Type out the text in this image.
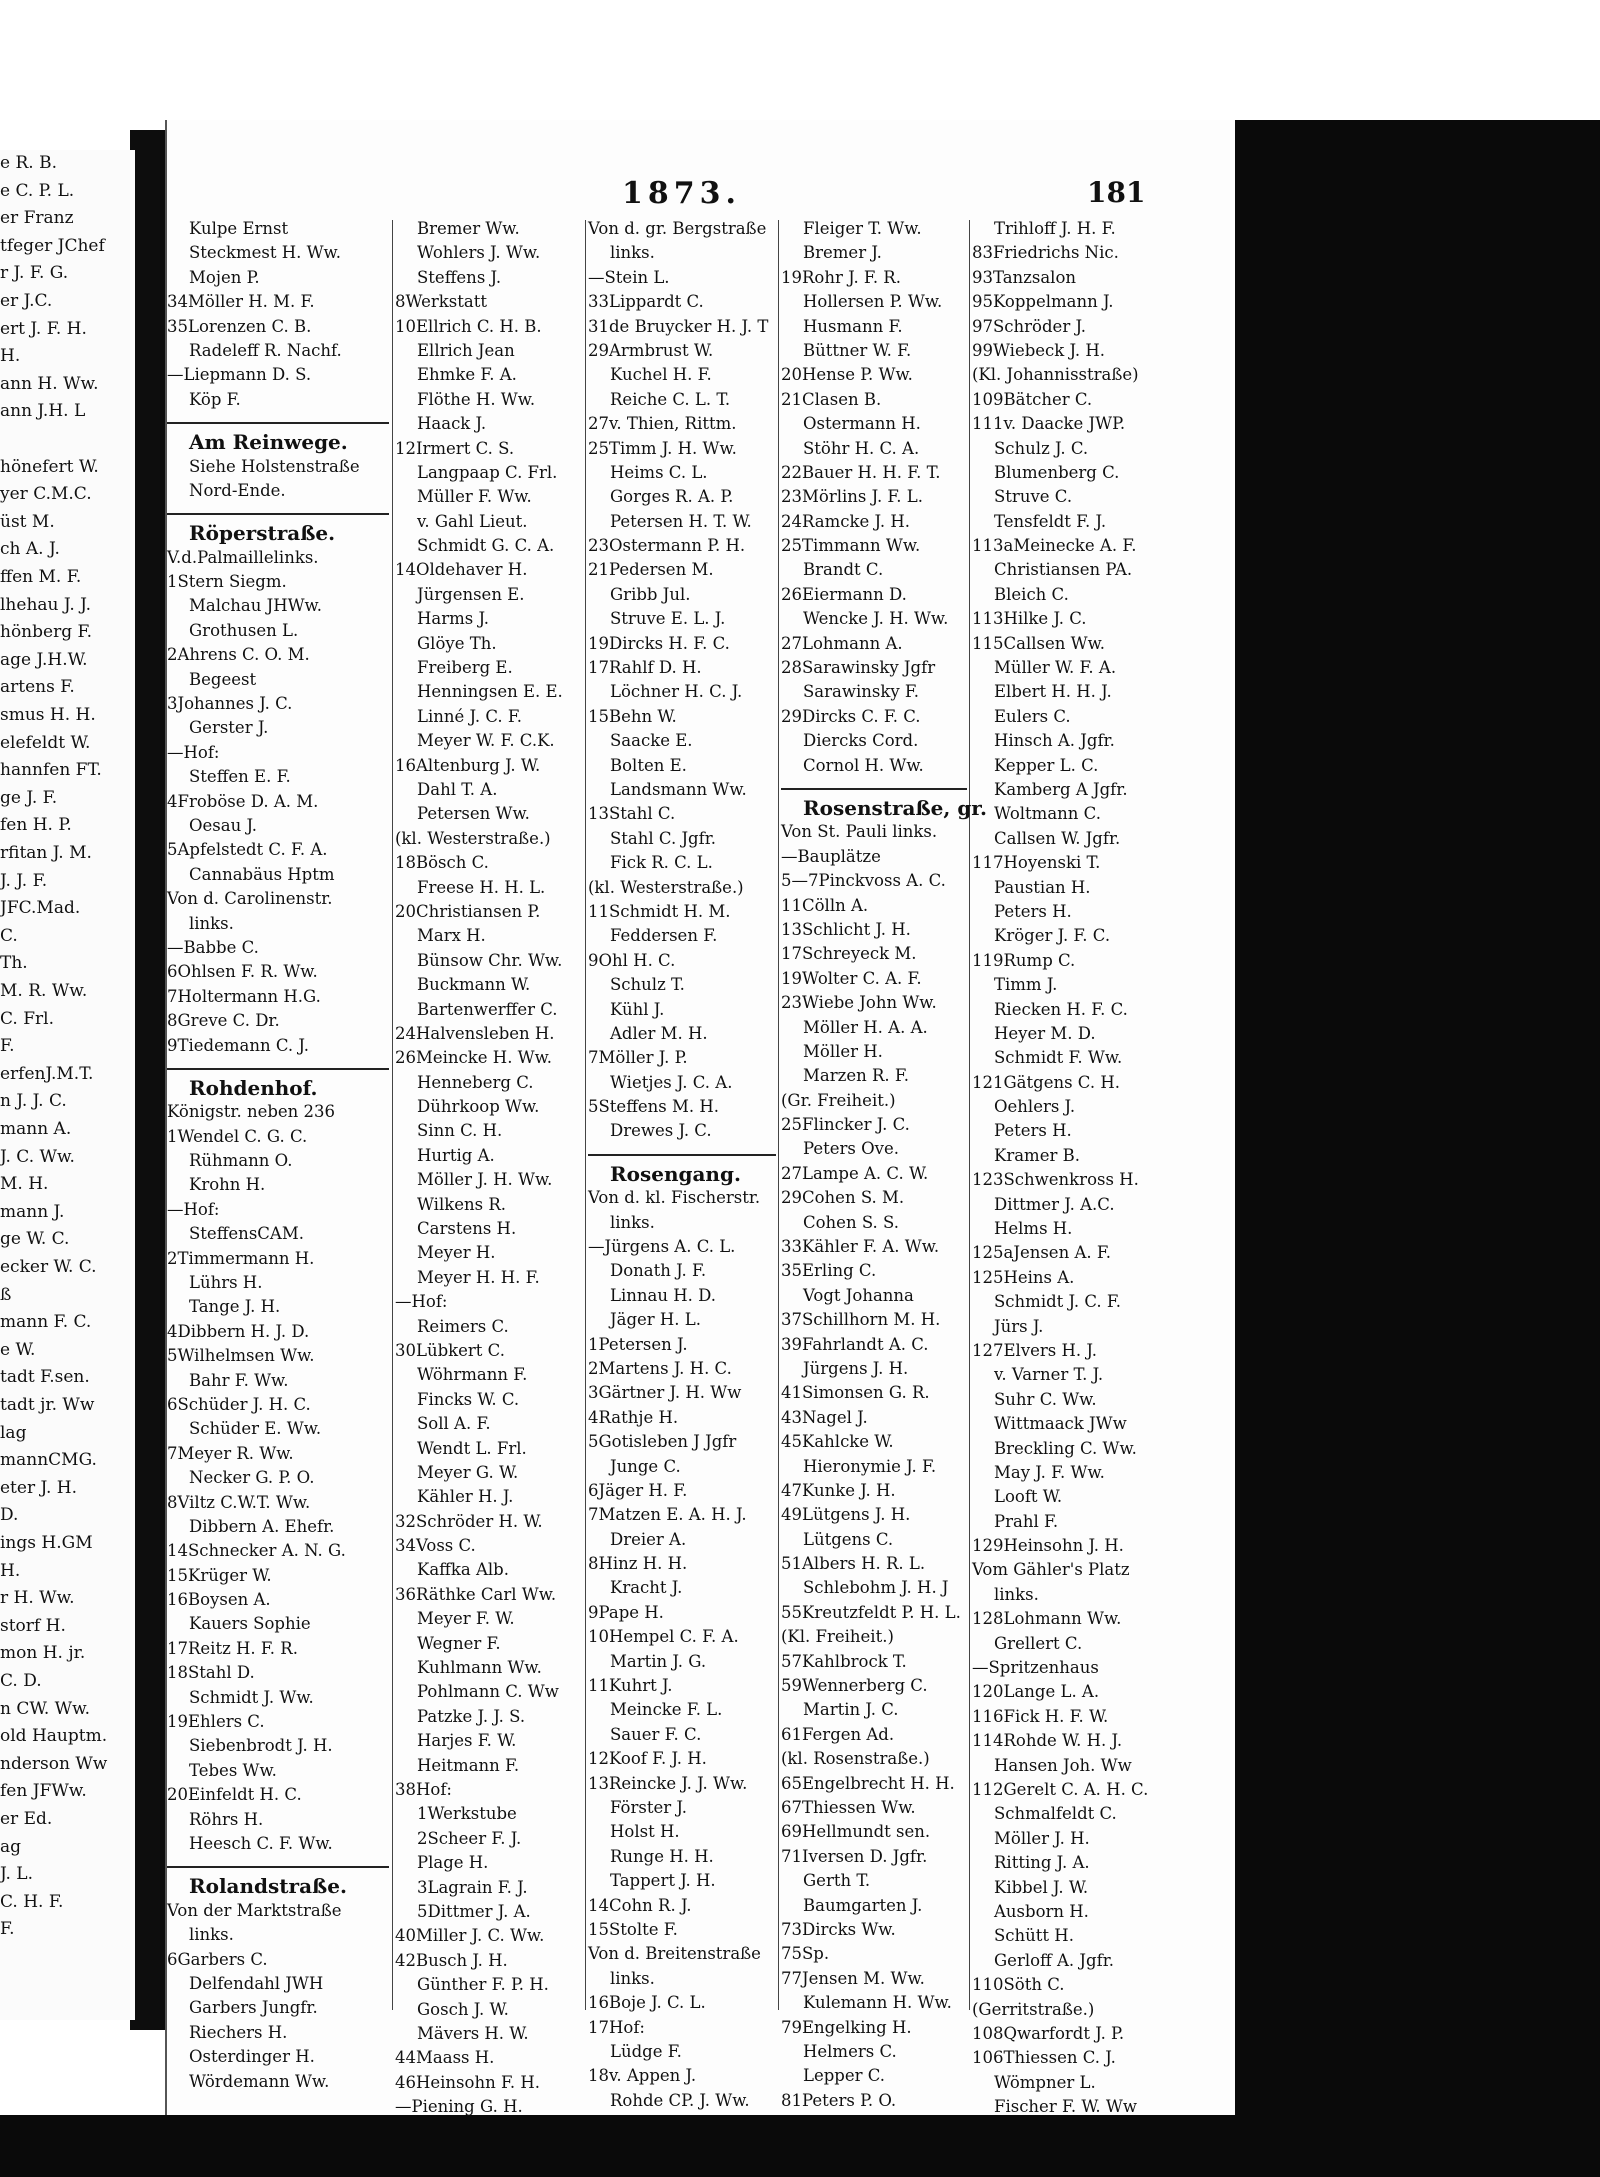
e R. B.
e C. P. L.
er Franz
tfeger JChef
r J. F. G.
er J.C.
ert J. F. H.
H.
ann H. Ww.
ann J.H. L
hönefert W.
yer C.M.C.
üst M.
ch A. J.
ffen M. F.
lhehau J. J.
hönberg F.
age J.H.W.
artens F.
smus H. H.
elefeldt W.
hannfen FT.
ge J. F.
fen H. P.
rfitan J. M.
J. J. F.
JFC.Mad.
C.
Th.
M. R. Ww.
C. Frl.
F.
erfenJ.M.T.
n J. J. C.
mann A.
J. C. Ww.
M. H.
mann J.
ge W. C.
ecker W. C.
ß
mann F. C.
e W.
tadt F.sen.
tadt jr. Ww
lag
mannCMG.
eter J. H.
D.
ings H.GM
H.
r H. Ww.
storf H.
mon H. jr.
C. D.
n CW. Ww.
old Hauptm.
nderson Ww
fen JFWw.
er Ed.
ag
J. L.
C. H. F.
F.
1873.	181
Kulpe Ernst
Steckmest H. Ww.
Mojen P.
34Möller H. M. F.
35Lorenzen C. B.
Radeleff R. Nachf.
—Liepmann D. S.
Köp F.
Am Reinwege.
Siehe Holstenstraße
Nord-Ende.
Röperstraße.
V.d.Palmaillelinks.
1Stern Siegm.
Malchau JHWw.
Grothusen L.
2Ahrens C. O. M.
Begeest
3Johannes J. C.
Gerster J.
—Hof:
Steffen E. F.
4Froböse D. A. M.
Oesau J.
5Apfelstedt C. F. A.
Cannabäus Hptm
Von d. Carolinenstr.
links.
—Babbe C.
6Ohlsen F. R. Ww.
7Holtermann H.G.
8Greve C. Dr.
9Tiedemann C. J.
Rohdenhof.
Königstr. neben 236
1Wendel C. G. C.
Rühmann O.
Krohn H.
—Hof:
SteffensCAM.
2Timmermann H.
Lührs H.
Tange J. H.
4Dibbern H. J. D.
5Wilhelmsen Ww.
Bahr F. Ww.
6Schüder J. H. C.
Schüder E. Ww.
7Meyer R. Ww.
Necker G. P. O.
8Viltz C.W.T. Ww.
Dibbern A. Ehefr.
14Schnecker A. N. G.
15Krüger W.
16Boysen A.
Kauers Sophie
17Reitz H. F. R.
18Stahl D.
Schmidt J. Ww.
19Ehlers C.
Siebenbrodt J. H.
Tebes Ww.
20Einfeldt H. C.
Röhrs H.
Heesch C. F. Ww.
Rolandstraße.
Von der Marktstraße
links.
6Garbers C.
Delfendahl JWH
Garbers Jungfr.
Riechers H.
Osterdinger H.
Wördemann Ww.
Bremer Ww.
Wohlers J. Ww.
Steffens J.
8Werkstatt
10Ellrich C. H. B.
Ellrich Jean
Ehmke F. A.
Flöthe H. Ww.
Haack J.
12Irmert C. S.
Langpaap C. Frl.
Müller F. Ww.
v. Gahl Lieut.
Schmidt G. C. A.
14Oldehaver H.
Jürgensen E.
Harms J.
Glöye Th.
Freiberg E.
Henningsen E. E.
Linné J. C. F.
Meyer W. F. C.K.
16Altenburg J. W.
Dahl T. A.
Petersen Ww.
(kl. Westerstraße.)
18Bösch C.
Freese H. H. L.
20Christiansen P.
Marx H.
Bünsow Chr. Ww.
Buckmann W.
Bartenwerffer C.
24Halvensleben H.
26Meincke H. Ww.
Henneberg C.
Dührkoop Ww.
Sinn C. H.
Hurtig A.
Möller J. H. Ww.
Wilkens R.
Carstens H.
Meyer H.
Meyer H. H. F.
—Hof:
Reimers C.
30Lübkert C.
Wöhrmann F.
Fincks W. C.
Soll A. F.
Wendt L. Frl.
Meyer G. W.
Kähler H. J.
32Schröder H. W.
34Voss C.
Kaffka Alb.
36Räthke Carl Ww.
Meyer F. W.
Wegner F.
Kuhlmann Ww.
Pohlmann C. Ww
Patzke J. J. S.
Harjes F. W.
Heitmann F.
38Hof:
1Werkstube
2Scheer F. J.
Plage H.
3Lagrain F. J.
5Dittmer J. A.
40Miller J. C. Ww.
42Busch J. H.
Günther F. P. H.
Gosch J. W.
Mävers H. W.
44Maass H.
46Heinsohn F. H.
—Piening G. H.
Von d. gr. Bergstraße
links.
—Stein L.
33Lippardt C.
31de Bruycker H. J. T
29Armbrust W.
Kuchel H. F.
Reiche C. L. T.
27v. Thien, Rittm.
25Timm J. H. Ww.
Heims C. L.
Gorges R. A. P.
Petersen H. T. W.
23Ostermann P. H.
21Pedersen M.
Gribb Jul.
Struve E. L. J.
19Dircks H. F. C.
17Rahlf D. H.
Löchner H. C. J.
15Behn W.
Saacke E.
Bolten E.
Landsmann Ww.
13Stahl C.
Stahl C. Jgfr.
Fick R. C. L.
(kl. Westerstraße.)
11Schmidt H. M.
Feddersen F.
9Ohl H. C.
Schulz T.
Kühl J.
Adler M. H.
7Möller J. P.
Wietjes J. C. A.
5Steffens M. H.
Drewes J. C.
Rosengang.
Von d. kl. Fischerstr.
links.
—Jürgens A. C. L.
Donath J. F.
Linnau H. D.
Jäger H. L.
1Petersen J.
2Martens J. H. C.
3Gärtner J. H. Ww
4Rathje H.
5Gotisleben J Jgfr
Junge C.
6Jäger H. F.
7Matzen E. A. H. J.
Dreier A.
8Hinz H. H.
Kracht J.
9Pape H.
10Hempel C. F. A.
Martin J. G.
11Kuhrt J.
Meincke F. L.
Sauer F. C.
12Koof F. J. H.
13Reincke J. J. Ww.
Förster J.
Holst H.
Runge H. H.
Tappert J. H.
14Cohn R. J.
15Stolte F.
Von d. Breitenstraße
links.
16Boje J. C. L.
17Hof:
Lüdge F.
18v. Appen J.
Rohde CP. J. Ww.
Fleiger T. Ww.
Bremer J.
19Rohr J. F. R.
Hollersen P. Ww.
Husmann F.
Büttner W. F.
20Hense P. Ww.
21Clasen B.
Ostermann H.
Stöhr H. C. A.
22Bauer H. H. F. T.
23Mörlins J. F. L.
24Ramcke J. H.
25Timmann Ww.
Brandt C.
26Eiermann D.
Wencke J. H. Ww.
27Lohmann A.
28Sarawinsky Jgfr
Sarawinsky F.
29Dircks C. F. C.
Diercks Cord.
Cornol H. Ww.
Rosenstraße, gr.
Von St. Pauli links.
—Bauplätze
5—7Pinckvoss A. C.
11Cölln A.
13Schlicht J. H.
17Schreyeck M.
19Wolter C. A. F.
23Wiebe John Ww.
Möller H. A. A.
Möller H.
Marzen R. F.
(Gr. Freiheit.)
25Flincker J. C.
Peters Ove.
27Lampe A. C. W.
29Cohen S. M.
Cohen S. S.
33Kähler F. A. Ww.
35Erling C.
Vogt Johanna
37Schillhorn M. H.
39Fahrlandt A. C.
Jürgens J. H.
41Simonsen G. R.
43Nagel J.
45Kahlcke W.
Hieronymie J. F.
47Kunke J. H.
49Lütgens J. H.
Lütgens C.
51Albers H. R. L.
Schlebohm J. H. J
55Kreutzfeldt P. H. L.
(Kl. Freiheit.)
57Kahlbrock T.
59Wennerberg C.
Martin J. C.
61Fergen Ad.
(kl. Rosenstraße.)
65Engelbrecht H. H.
67Thiessen Ww.
69Hellmundt sen.
71Iversen D. Jgfr.
Gerth T.
Baumgarten J.
73Dircks Ww.
75Sp.
77Jensen M. Ww.
Kulemann H. Ww.
79Engelking H.
Helmers C.
Lepper C.
81Peters P. O.
Trihloff J. H. F.
83Friedrichs Nic.
93Tanzsalon
95Koppelmann J.
97Schröder J.
99Wiebeck J. H.
(Kl. Johannisstraße)
109Bätcher C.
111v. Daacke JWP.
Schulz J. C.
Blumenberg C.
Struve C.
Tensfeldt F. J.
113aMeinecke A. F.
Christiansen PA.
Bleich C.
113Hilke J. C.
115Callsen Ww.
Müller W. F. A.
Elbert H. H. J.
Eulers C.
Hinsch A. Jgfr.
Kepper L. C.
Kamberg A Jgfr.
Woltmann C.
Callsen W. Jgfr.
117Hoyenski T.
Paustian H.
Peters H.
Kröger J. F. C.
119Rump C.
Timm J.
Riecken H. F. C.
Heyer M. D.
Schmidt F. Ww.
121Gätgens C. H.
Oehlers J.
Peters H.
Kramer B.
123Schwenkross H.
Dittmer J. A.C.
Helms H.
125aJensen A. F.
125Heins A.
Schmidt J. C. F.
Jürs J.
127Elvers H. J.
v. Varner T. J.
Suhr C. Ww.
Wittmaack JWw
Breckling C. Ww.
May J. F. Ww.
Looft W.
Prahl F.
129Heinsohn J. H.
Vom Gähler's Platz
links.
128Lohmann Ww.
Grellert C.
—Spritzenhaus
120Lange L. A.
116Fick H. F. W.
114Rohde W. H. J.
Hansen Joh. Ww
112Gerelt C. A. H. C.
Schmalfeldt C.
Möller J. H.
Ritting J. A.
Kibbel J. W.
Ausborn H.
Schütt H.
Gerloff A. Jgfr.
110Söth C.
(Gerritstraße.)
108Qwarfordt J. P.
106Thiessen C. J.
Wömpner L.
Fischer F. W. Ww
